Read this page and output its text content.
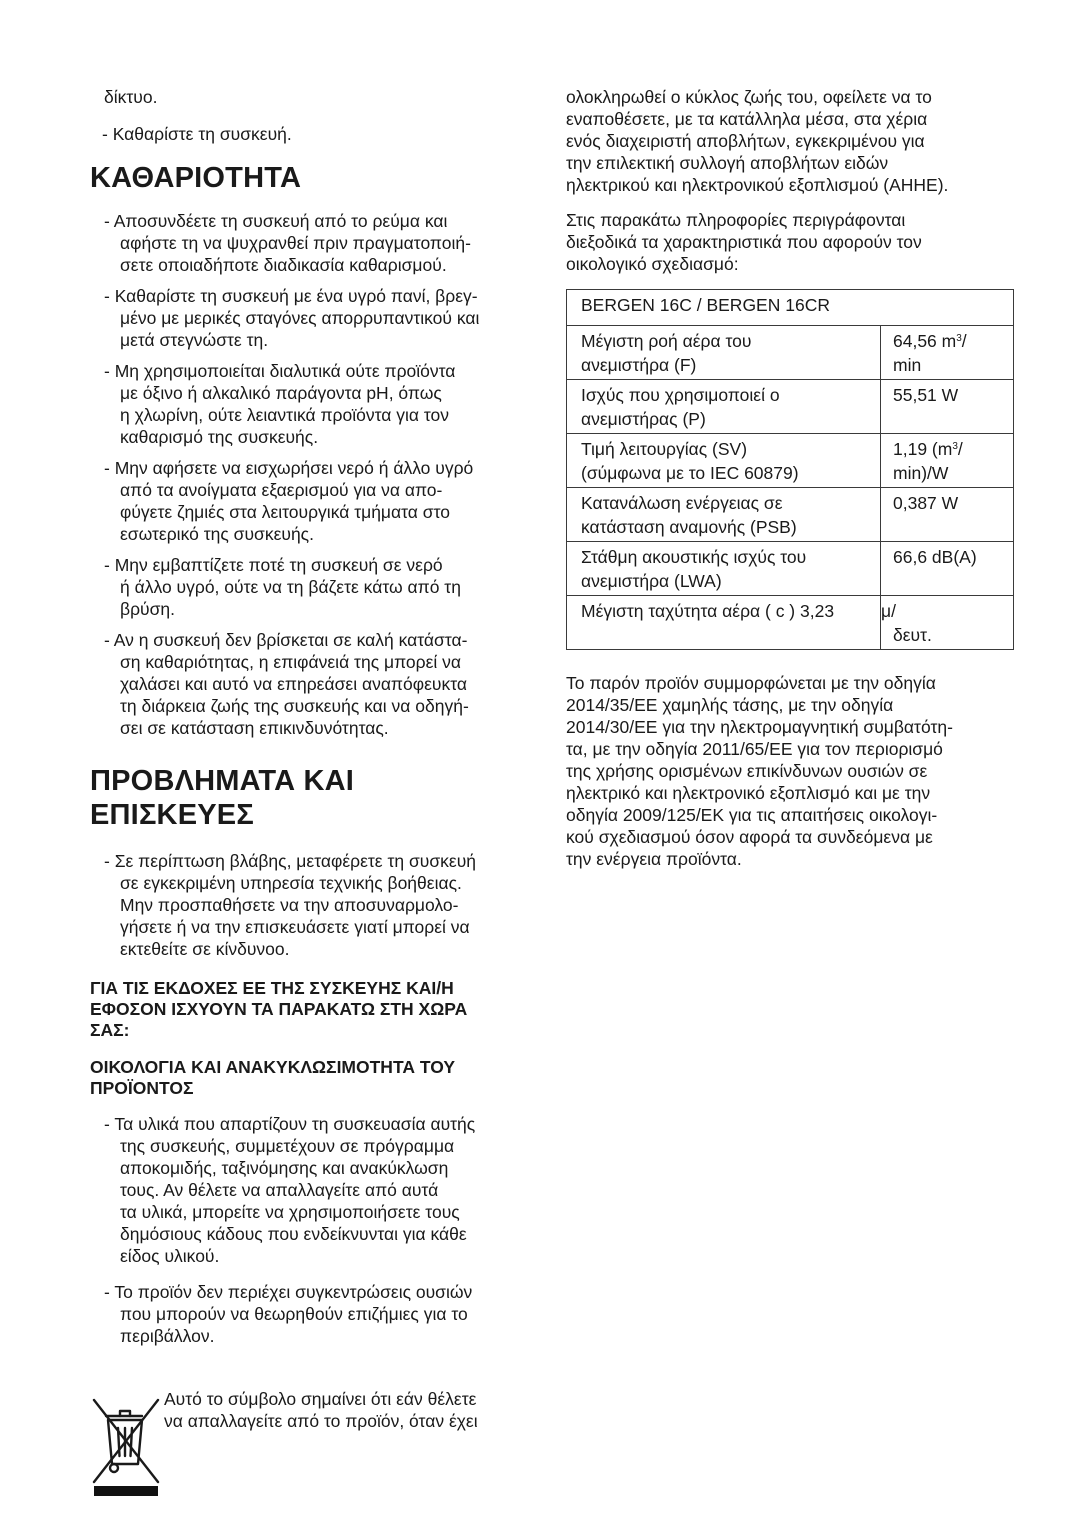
δίκτυο.

- Καθαρίστε τη συσκευή.

ΚΑΘΑΡΙΟΤΗΤΑ

- Αποσυνδέετε τη συσκευή από το ρεύμα και

αφήστε τη να ψυχρανθεί πριν πραγματοποιή-

σετε οποιαδήποτε διαδικασία καθαρισμού.

- Καθαρίστε τη συσκευή με ένα υγρό πανί, βρεγ-

μένο με μερικές σταγόνες απορρυπαντικού και

μετά στεγνώστε τη.

- Μη χρησιμοποιείται διαλυτικά ούτε προϊόντα

με όξινο ή αλκαλικό παράγοντα pH, όπως

η χλωρίνη, ούτε λειαντικά προϊόντα για τον

καθαρισμό της συσκευής.

- Μην αφήσετε να εισχωρήσει νερό ή άλλο υγρό

από τα ανοίγματα εξαερισμού για να απο-

φύγετε ζημιές στα λειτουργικά τμήματα στο

εσωτερικό της συσκευής.

- Μην εμβαπτίζετε ποτέ τη συσκευή σε νερό

ή άλλο υγρό, ούτε να τη βάζετε κάτω από τη

βρύση.

- Αν η συσκευή δεν βρίσκεται σε καλή κατάστα-

ση καθαριότητας, η επιφάνειά της μπορεί να

χαλάσει και αυτό να επηρεάσει αναπόφευκτα

τη διάρκεια ζωής της συσκευής και να οδηγή-

σει σε κατάσταση επικινδυνότητας.

ΠΡΟΒΛΗΜΑΤΑ ΚΑΙ
ΕΠΙΣΚΕΥΕΣ

- Σε περίπτωση βλάβης, μεταφέρετε τη συσκευή

σε εγκεκριμένη υπηρεσία τεχνικής βοήθειας.

Μην προσπαθήσετε να την αποσυναρμολο-

γήσετε ή να την επισκευάσετε γιατί μπορεί να

εκτεθείτε σε κίνδυνοο.

ΓΙΑ ΤΙΣ ΕΚΔΟΧΕΣ ΕΕ ΤΗΣ ΣΥΣΚΕΥΗΣ ΚΑΙ/Η
ΕΦΟΣΟΝ ΙΣΧΥΟΥΝ ΤΑ ΠΑΡΑΚΑΤΩ ΣΤΗ ΧΩΡΑ
ΣΑΣ:
ΟΙΚΟΛΟΓΙΑ ΚΑΙ ΑΝΑΚΥΚΛΩΣΙΜΟΤΗΤΑ ΤΟΥ
ΠΡΟΪΟΝΤΟΣ

- Τα υλικά που απαρτίζουν τη συσκευασία αυτής

της συσκευής, συμμετέχουν σε πρόγραμμα

αποκομιδής, ταξινόμησης και ανακύκλωση

τους. Αν θέλετε να απαλλαγείτε από αυτά

τα υλικά, μπορείτε να χρησιμοποιήσετε τους

δημόσιους κάδους που ενδείκνυνται για κάθε

είδος υλικού.

- Το προϊόν δεν περιέχει συγκεντρώσεις ουσιών

που μπορούν να θεωρηθούν επιζήμιες για το

περιβάλλον.

Αυτό το σύμβολο σημαίνει ότι εάν θέλετε

να απαλλαγείτε από το προϊόν, όταν έχει

ολοκληρωθεί ο κύκλος ζωής του, οφείλετε να το

εναποθέσετε, με τα κατάλληλα μέσα, στα χέρια

ενός διαχειριστή αποβλήτων, εγκεκριμένου για

την επιλεκτική συλλογή αποβλήτων ειδών

ηλεκτρικού και ηλεκτρονικού εξοπλισμού (ΑΗΗΕ).

Στις παρακάτω πληροφορίες περιγράφονται

διεξοδικά τα χαρακτηριστικά που αφορούν τον

οικολογικό σχεδιασμό:

BERGEN 16C / BERGEN 16CR	
Μέγιστη ροή αέρα του
ανεμιστήρα (F)	64,56 $m^3/$
min
Ισχύς που χρησιμοποιεί ο
ανεμιστήρας (P)	55,51 W
Τιμή λειτουργίας (SV)
(σύμφωνα με το IEC 60879)	1,19 ($m^3/$
min)/W
Κατανάλωση ενέργειας σε
κατάσταση αναμονής (PSB)	0,387 W
Στάθμη ακουστικής ισχύς του
ανεμιστήρα (LWA)	66,6 dB(A)
Μέγιστη ταχύτητα αέρα ( c ) 3,23	μ/
δευτ.

Το παρόν προϊόν συμμορφώνεται με την οδηγία

2014/35/EE χαμηλής τάσης, με την οδηγία

2014/30/EE για την ηλεκτρομαγνητική συμβατότη-

τα, με την οδηγία 2011/65/EE για τον περιορισμό

της χρήσης ορισμένων επικίνδυνων ουσιών σε

ηλεκτρικό και ηλεκτρονικό εξοπλισμό και με την

οδηγία 2009/125/EK για τις απαιτήσεις οικολογι-

κού σχεδιασμού όσον αφορά τα συνδεόμενα με

την ενέργεια προϊόντα.
